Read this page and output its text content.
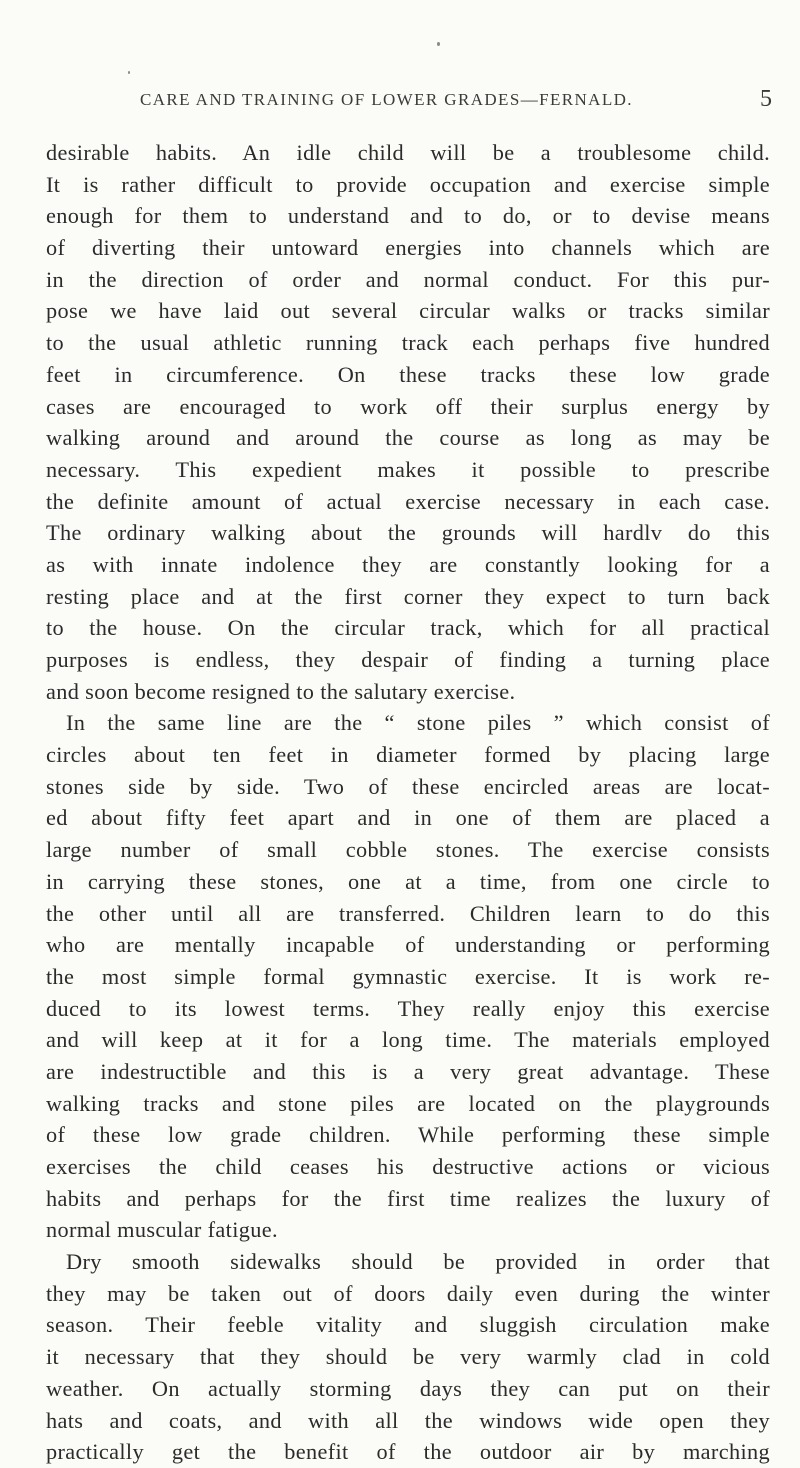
CARE AND TRAINING OF LOWER GRADES—FERNALD.	5
desirable habits. An idle child will be a troublesome child.
It is rather difficult to provide occupation and exercise simple
enough for them to understand and to do, or to devise means
of diverting their untoward energies into channels which are
in the direction of order and normal conduct. For this pur-
pose we have laid out several circular walks or tracks similar
to the usual athletic running track each perhaps five hundred
feet in circumference. On these tracks these low grade
cases are encouraged to work off their surplus energy by
walking around and around the course as long as may be
necessary. This expedient makes it possible to prescribe
the definite amount of actual exercise necessary in each case.
The ordinary walking about the grounds will hardlv do this
as with innate indolence they are constantly looking for a
resting place and at the first corner they expect to turn back
to the house. On the circular track, which for all practical
purposes is endless, they despair of finding a turning place
and soon become resigned to the salutary exercise.
In the same line are the “ stone piles ” which consist of
circles about ten feet in diameter formed by placing large
stones side by side. Two of these encircled areas are locat-
ed about fifty feet apart and in one of them are placed a
large number of small cobble stones. The exercise consists
in carrying these stones, one at a time, from one circle to
the other until all are transferred. Children learn to do this
who are mentally incapable of understanding or performing
the most simple formal gymnastic exercise. It is work re-
duced to its lowest terms. They really enjoy this exercise
and will keep at it for a long time. The materials employed
are indestructible and this is a very great advantage. These
walking tracks and stone piles are located on the playgrounds
of these low grade children. While performing these simple
exercises the child ceases his destructive actions or vicious
habits and perhaps for the first time realizes the luxury of
normal muscular fatigue.
Dry smooth sidewalks should be provided in order that
they may be taken out of doors daily even during the winter
season. Their feeble vitality and sluggish circulation make
it necessary that they should be very warmly clad in cold
weather. On actually storming days they can put on their
hats and coats, and with all the windows wide open they
practically get the benefit of the outdoor air by marching
